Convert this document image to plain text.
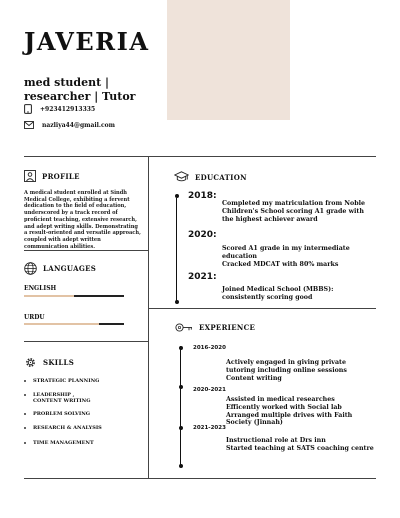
JAVERIA
med student | researcher | Tutor
+923412913335
nazliya44@gmail.com
PROFILE
A medical student enrolled at Sindh Medical College, exhibiting a fervent dedication to the field of education, underscored by a track record of proficient teaching, extensive research, and adept writing skills. Demonstrating a result-oriented and versatile approach, coupled with adept written communication abilities.
LANGUAGES
ENGLISH
URDU
SKILLS
STRATEGIC PLANNING
LEADERSHIP ,
CONTENT WRITING
PROBLEM SOLVING
RESEARCH & ANALYSIS
TIME MANAGEMENT
EDUCATION
2018:
Completed my matriculation from Noble Children's School scoring A1 grade with the highest achiever award
2020:
Scored A1 grade in my intermediate education
Cracked MDCAT with 80% marks
2021:
Joined Medical School (MBBS): consistently scoring good
EXPERIENCE
2016-2020
Actively engaged in giving private tutoring including online sessions
Content writing
2020-2021
Assisted in medical researches
Efficently worked with Social lab
Arranged multiple drives with Faith Society (Jinnah)
2021-2023
Instructional role at Drs inn
Started teaching at SATS coaching centre
